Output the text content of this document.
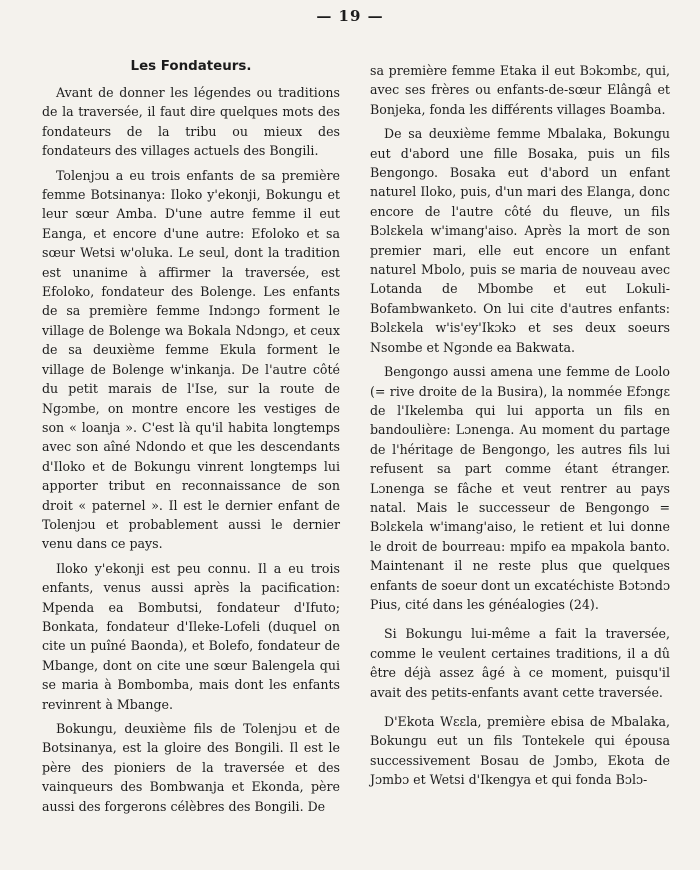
— 19 —
Les Fondateurs.

Avant de donner les légendes ou traditions de la traversée, il faut dire quelques mots des fondateurs de la tribu ou mieux des fondateurs des villages actuels des Bongili.

Tolenjɔu a eu trois enfants de sa première femme Botsinanya: Iloko y'ekonji, Bokungu et leur sœur Amba. D'une autre femme il eut Eanga, et encore d'une autre: Efoloko et sa sœur Wetsi w'oluka. Le seul, dont la tradition est unanime à affirmer la traversée, est Efoloko, fondateur des Bolenge. Les enfants de sa première femme Indɔngɔ forment le village de Bolenge wa Bokala Ndɔngɔ, et ceux de sa deuxième femme Ekula forment le village de Bolenge w'inkanja. De l'autre côté du petit marais de l'Ise, sur la route de Ngɔmbe, on montre encore les vestiges de son « loanja ». C'est là qu'il habita longtemps avec son aîné Ndondo et que les descendants d'Iloko et de Bokungu vinrent longtemps lui apporter tribut en reconnaissance de son droit « paternel ». Il est le dernier enfant de Tolenjɔu et probablement aussi le dernier venu dans ce pays.

Iloko y'ekonji est peu connu. Il a eu trois enfants, venus aussi après la pacification: Mpenda ea Bombutsi, fondateur d'Ifuto; Bonkata, fondateur d'Ileke-Lofeli (duquel on cite un puîné Baonda), et Bolefo, fondateur de Mbange, dont on cite une sœur Balengela qui se maria à Bombomba, mais dont les enfants revinrent à Mbange.

Bokungu, deuxième fils de Tolenjɔu et de Botsinanya, est la gloire des Bongili. Il est le père des pioniers de la traversée et des vainqueurs des Bombwanja et Ekonda, père aussi des forgerons célèbres des Bongili. De

sa première femme Etaka il eut Bɔkɔmbɛ, qui, avec ses frères ou enfants-de-sœur Elângâ et Bonjeka, fonda les différents villages Boamba.

De sa deuxième femme Mbalaka, Bokungu eut d'abord une fille Bosaka, puis un fils Bengongo. Bosaka eut d'abord un enfant naturel Iloko, puis, d'un mari des Elanga, donc encore de l'autre côté du fleuve, un fils Bɔlɛkela w'imang'aiso. Après la mort de son premier mari, elle eut encore un enfant naturel Mbolo, puis se maria de nouveau avec Lotanda de Mbombe et eut Lokuli-Bofambwanketo. On lui cite d'autres enfants: Bɔlɛkela w'is'ey'Ikɔkɔ et ses deux soeurs Nsombe et Ngɔnde ea Bakwata.

Bengongo aussi amena une femme de Loolo (= rive droite de la Busira), la nommée Efɔngɛ de l'Ikelemba qui lui apporta un fils en bandoulière: Lɔnenga. Au moment du partage de l'héritage de Bengongo, les autres fils lui refusent sa part comme étant étranger. Lɔnenga se fâche et veut rentrer au pays natal. Mais le successeur de Bengongo = Bɔlɛkela w'imang'aiso, le retient et lui donne le droit de bourreau: mpifo ea mpakola banto. Maintenant il ne reste plus que quelques enfants de soeur dont un excatéchiste Bɔtɔndɔ Pius, cité dans les généalogies (24).

Si Bokungu lui-même a fait la traversée, comme le veulent certaines traditions, il a dû être déjà assez âgé à ce moment, puisqu'il avait des petits-enfants avant cette traversée.

D'Ekota Wɛɛla, première ebisa de Mbalaka, Bokungu eut un fils Tontekele qui épousa successivement Bosau de Jɔmbɔ, Ekota de Jɔmbɔ et Wetsi d'Ikengya et qui fonda Bɔlɔ-
